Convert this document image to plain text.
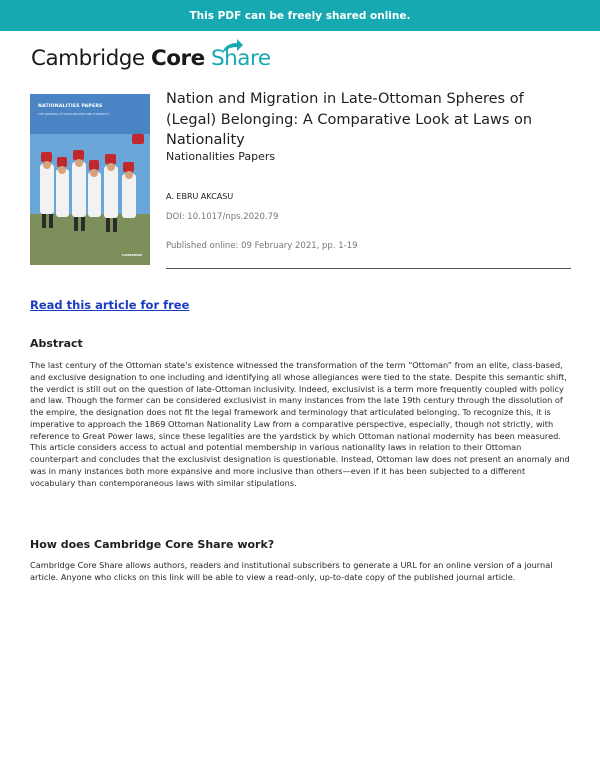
This PDF can be freely shared online.
Cambridge Core Share
NATIONALITIES PAPERS
THE JOURNAL OF NATIONALISM AND ETHNICITY
CAMBRIDGE
Nation and Migration in Late-Ottoman Spheres of (Legal) Belonging: A Comparative Look at Laws on Nationality
Nationalities Papers
A. EBRU AKCASU
DOI: 10.1017/nps.2020.79
Published online: 09 February 2021, pp. 1-19
Read this article for free
Abstract

The last century of the Ottoman state’s existence witnessed the transformation of the term “Ottoman” from an elite, class-based, and exclusive designation to one including and identifying all whose allegiances were tied to the state. Despite this semantic shift, the verdict is still out on the question of late-Ottoman inclusivity. Indeed, exclusivist is a term more frequently coupled with policy and law. Though the former can be considered exclusivist in many instances from the late 19th century through the dissolution of the empire, the designation does not fit the legal framework and terminology that articulated belonging. To recognize this, it is imperative to approach the 1869 Ottoman Nationality Law from a comparative perspective, especially, though not strictly, with reference to Great Power laws, since these legalities are the yardstick by which Ottoman national modernity has been measured. This article considers access to actual and potential membership in various nationality laws in relation to their Ottoman counterpart and concludes that the exclusivist designation is questionable. Instead, Ottoman law does not present an anomaly and was in many instances both more expansive and more inclusive than others—even if it has been subjected to a different vocabulary than contemporaneous laws with similar stipulations.

How does Cambridge Core Share work?

Cambridge Core Share allows authors, readers and institutional subscribers to generate a URL for an online version of a journal article. Anyone who clicks on this link will be able to view a read-only, up-to-date copy of the published journal article.
